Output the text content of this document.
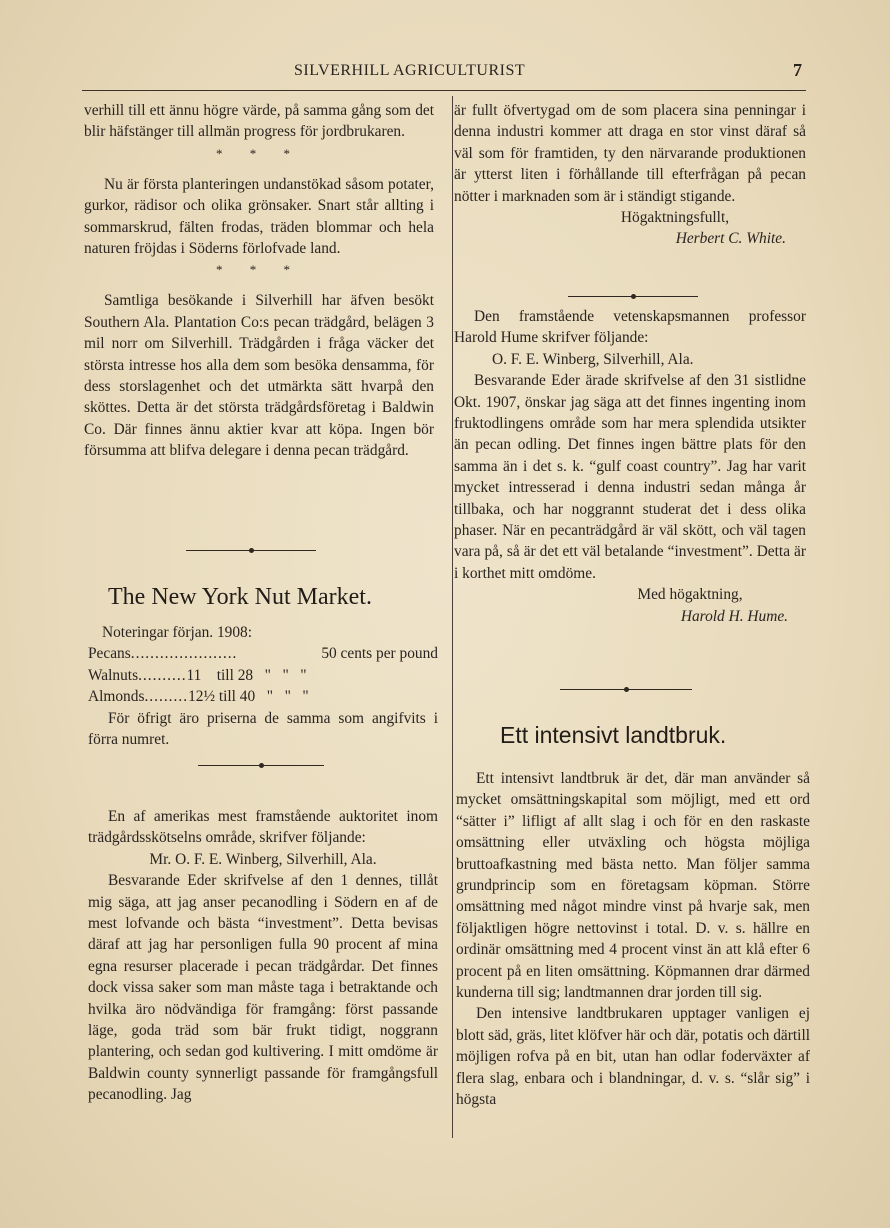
SILVERHILL AGRICULTURIST	7

verhill till ett ännu högre värde, på samma gång som det blir häfstänger till allmän progress för jordbrukaren.

* * *

Nu är första planteringen undanstökad såsom potater, gurkor, rädisor och olika grönsaker. Snart står allting i sommarskrud, fälten frodas, träden blommar och hela naturen fröjdas i Söderns förlofvade land.

* * *

Samtliga besökande i Silverhill har äfven besökt Southern Ala. Plantation Co:s pecan trädgård, belägen 3 mil norr om Silverhill. Trädgården i fråga väcker det största intresse hos alla dem som besöka densamma, för dess storslagenhet och det utmärkta sätt hvarpå den sköttes. Detta är det största trädgårdsföretag i Baldwin Co. Där finnes ännu aktier kvar att köpa. Ingen bör försumma att blifva delegare i denna pecan trädgård.

The New York Nut Market.

Noteringar förjan. 1908:

Pecans ......................	50 cents per pound
Walnuts .......... 11    till 28   "   "   "
Almonds ......... 12½ till 40   "   "   "

För öfrigt äro priserna de samma som angifvits i förra numret.

En af amerikas mest framstående auktoritet inom trädgårdsskötselns område, skrifver följande:

Mr. O. F. E. Winberg, Silverhill, Ala.

Besvarande Eder skrifvelse af den 1 dennes, tillåt mig säga, att jag anser pecanodling i Södern en af de mest lofvande och bästa “investment”. Detta bevisas däraf att jag har personligen fulla 90 procent af mina egna resurser placerade i pecan trädgårdar. Det finnes dock vissa saker som man måste taga i betraktande och hvilka äro nödvändiga för framgång: först passande läge, goda träd som bär frukt tidigt, noggrann plantering, och sedan god kultivering. I mitt omdöme är Baldwin county synnerligt passande för framgångsfull pecanodling. Jag

är fullt öfvertygad om de som placera sina penningar i denna industri kommer att draga en stor vinst däraf så väl som för framtiden, ty den närvarande produktionen är ytterst liten i förhållande till efterfrågan på pecan nötter i marknaden som är i ständigt stigande.

Högaktningsfullt,

Herbert C. White.

Den framstående vetenskapsmannen professor Harold Hume skrifver följande:

O. F. E. Winberg, Silverhill, Ala.

Besvarande Eder ärade skrifvelse af den 31 sistlidne Okt. 1907, önskar jag säga att det finnes ingenting inom fruktodlingens område som har mera splendida utsikter än pecan odling. Det finnes ingen bättre plats för den samma än i det s. k. “gulf coast country”. Jag har varit mycket intresserad i denna industri sedan många år tillbaka, och har noggrannt studerat det i dess olika phaser. När en pecanträdgård är väl skött, och väl tagen vara på, så är det ett väl betalande “investment”. Detta är i korthet mitt omdöme.

Med högaktning,

Harold H. Hume.

Ett intensivt landtbruk.

Ett intensivt landtbruk är det, där man använder så mycket omsättningskapital som möjligt, med ett ord “sätter i” lifligt af allt slag i och för en den raskaste omsättning eller utväxling och högsta möjliga bruttoafkastning med bästa netto. Man följer samma grundprincip som en företagsam köpman. Större omsättning med något mindre vinst på hvarje sak, men följaktligen högre nettovinst i total. D. v. s. hällre en ordinär omsättning med 4 procent vinst än att klå efter 6 procent på en liten omsättning. Köpmannen drar därmed kunderna till sig; landtmannen drar jorden till sig.

Den intensive landtbrukaren upptager vanligen ej blott säd, gräs, litet klöfver här och där, potatis och därtill möjligen rofva på en bit, utan han odlar foderväxter af flera slag, enbara och i blandningar, d. v. s. “slår sig” i högsta
